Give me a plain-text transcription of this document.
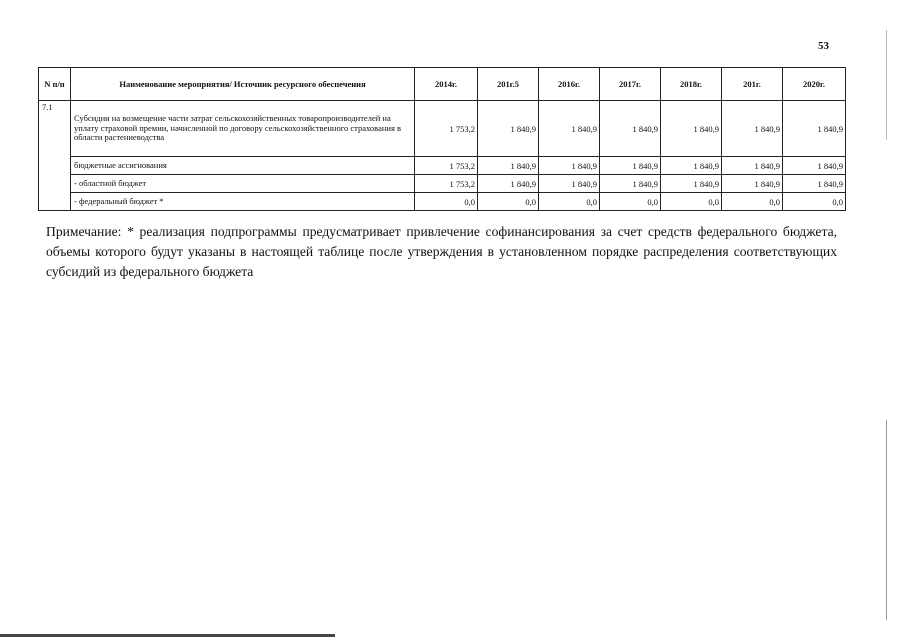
53
N п/п	Наименование мероприятия/ Источник ресурсного обеспечения	2014г.	201г.5	2016г.	2017г.	2018г.	201г.	2020г.
7.1	Субсидии на возмещение части затрат сельскохозяйственных товаропроизводителей на уплату страховой премии, начисленной по договору сельскохозяйственного страхования в области растениеводства	1 753,2	1 840,9	1 840,9	1 840,9	1 840,9	1 840,9	1 840,9
	бюджетные ассигнования	1 753,2	1 840,9	1 840,9	1 840,9	1 840,9	1 840,9	1 840,9
	- областной бюджет	1 753,2	1 840,9	1 840,9	1 840,9	1 840,9	1 840,9	1 840,9
	- федеральный бюджет *	0,0	0,0	0,0	0,0	0,0	0,0	0,0
Примечание: * реализация подпрограммы предусматривает привлечение софинансирования за счет средств федерального бюджета, объемы которого будут указаны в настоящей таблице после утверждения в установленном порядке распределения соответствующих субсидий из федерального бюджета
